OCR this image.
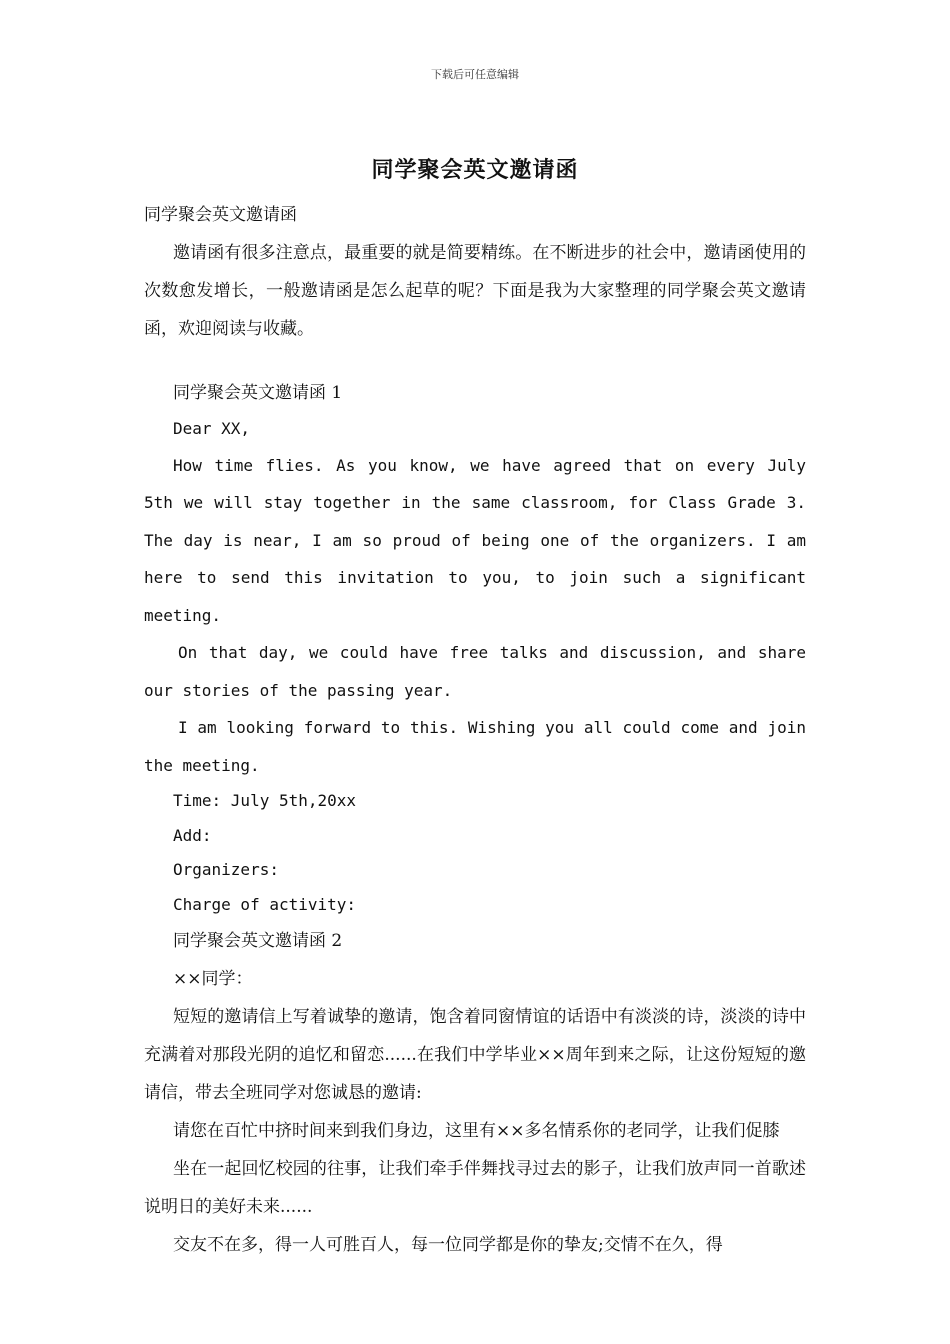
下载后可任意编辑
同学聚会英文邀请函

同学聚会英文邀请函

邀请函有很多注意点，最重要的就是简要精练。在不断进步的社会中，邀请函使用的次数愈发增长，一般邀请函是怎么起草的呢？下面是我为大家整理的同学聚会英文邀请函，欢迎阅读与收藏。

同学聚会英文邀请函 1

Dear XX,

How time flies. As you know, we have agreed that on every July 5th we will stay together in the same classroom, for Class Grade 3. The day is near, I am so proud of being one of the organizers. I am here to send this invitation to you, to join such a significant meeting.

On that day, we could have free talks and discussion, and share our stories of the passing year.

I am looking forward to this. Wishing you all could come and join the meeting.

Time: July 5th,20xx

Add:

Organizers:

Charge of activity:

同学聚会英文邀请函 2

××同学：

短短的邀请信上写着诚挚的邀请，饱含着同窗情谊的话语中有淡淡的诗，淡淡的诗中充满着对那段光阴的追忆和留恋......在我们中学毕业××周年到来之际，让这份短短的邀请信，带去全班同学对您诚恳的邀请:

请您在百忙中挤时间来到我们身边，这里有××多名情系你的老同学，让我们促膝

坐在一起回忆校园的往事，让我们牵手伴舞找寻过去的影子，让我们放声同一首歌述说明日的美好未来......

交友不在多，得一人可胜百人，每一位同学都是你的挚友;交情不在久，得
